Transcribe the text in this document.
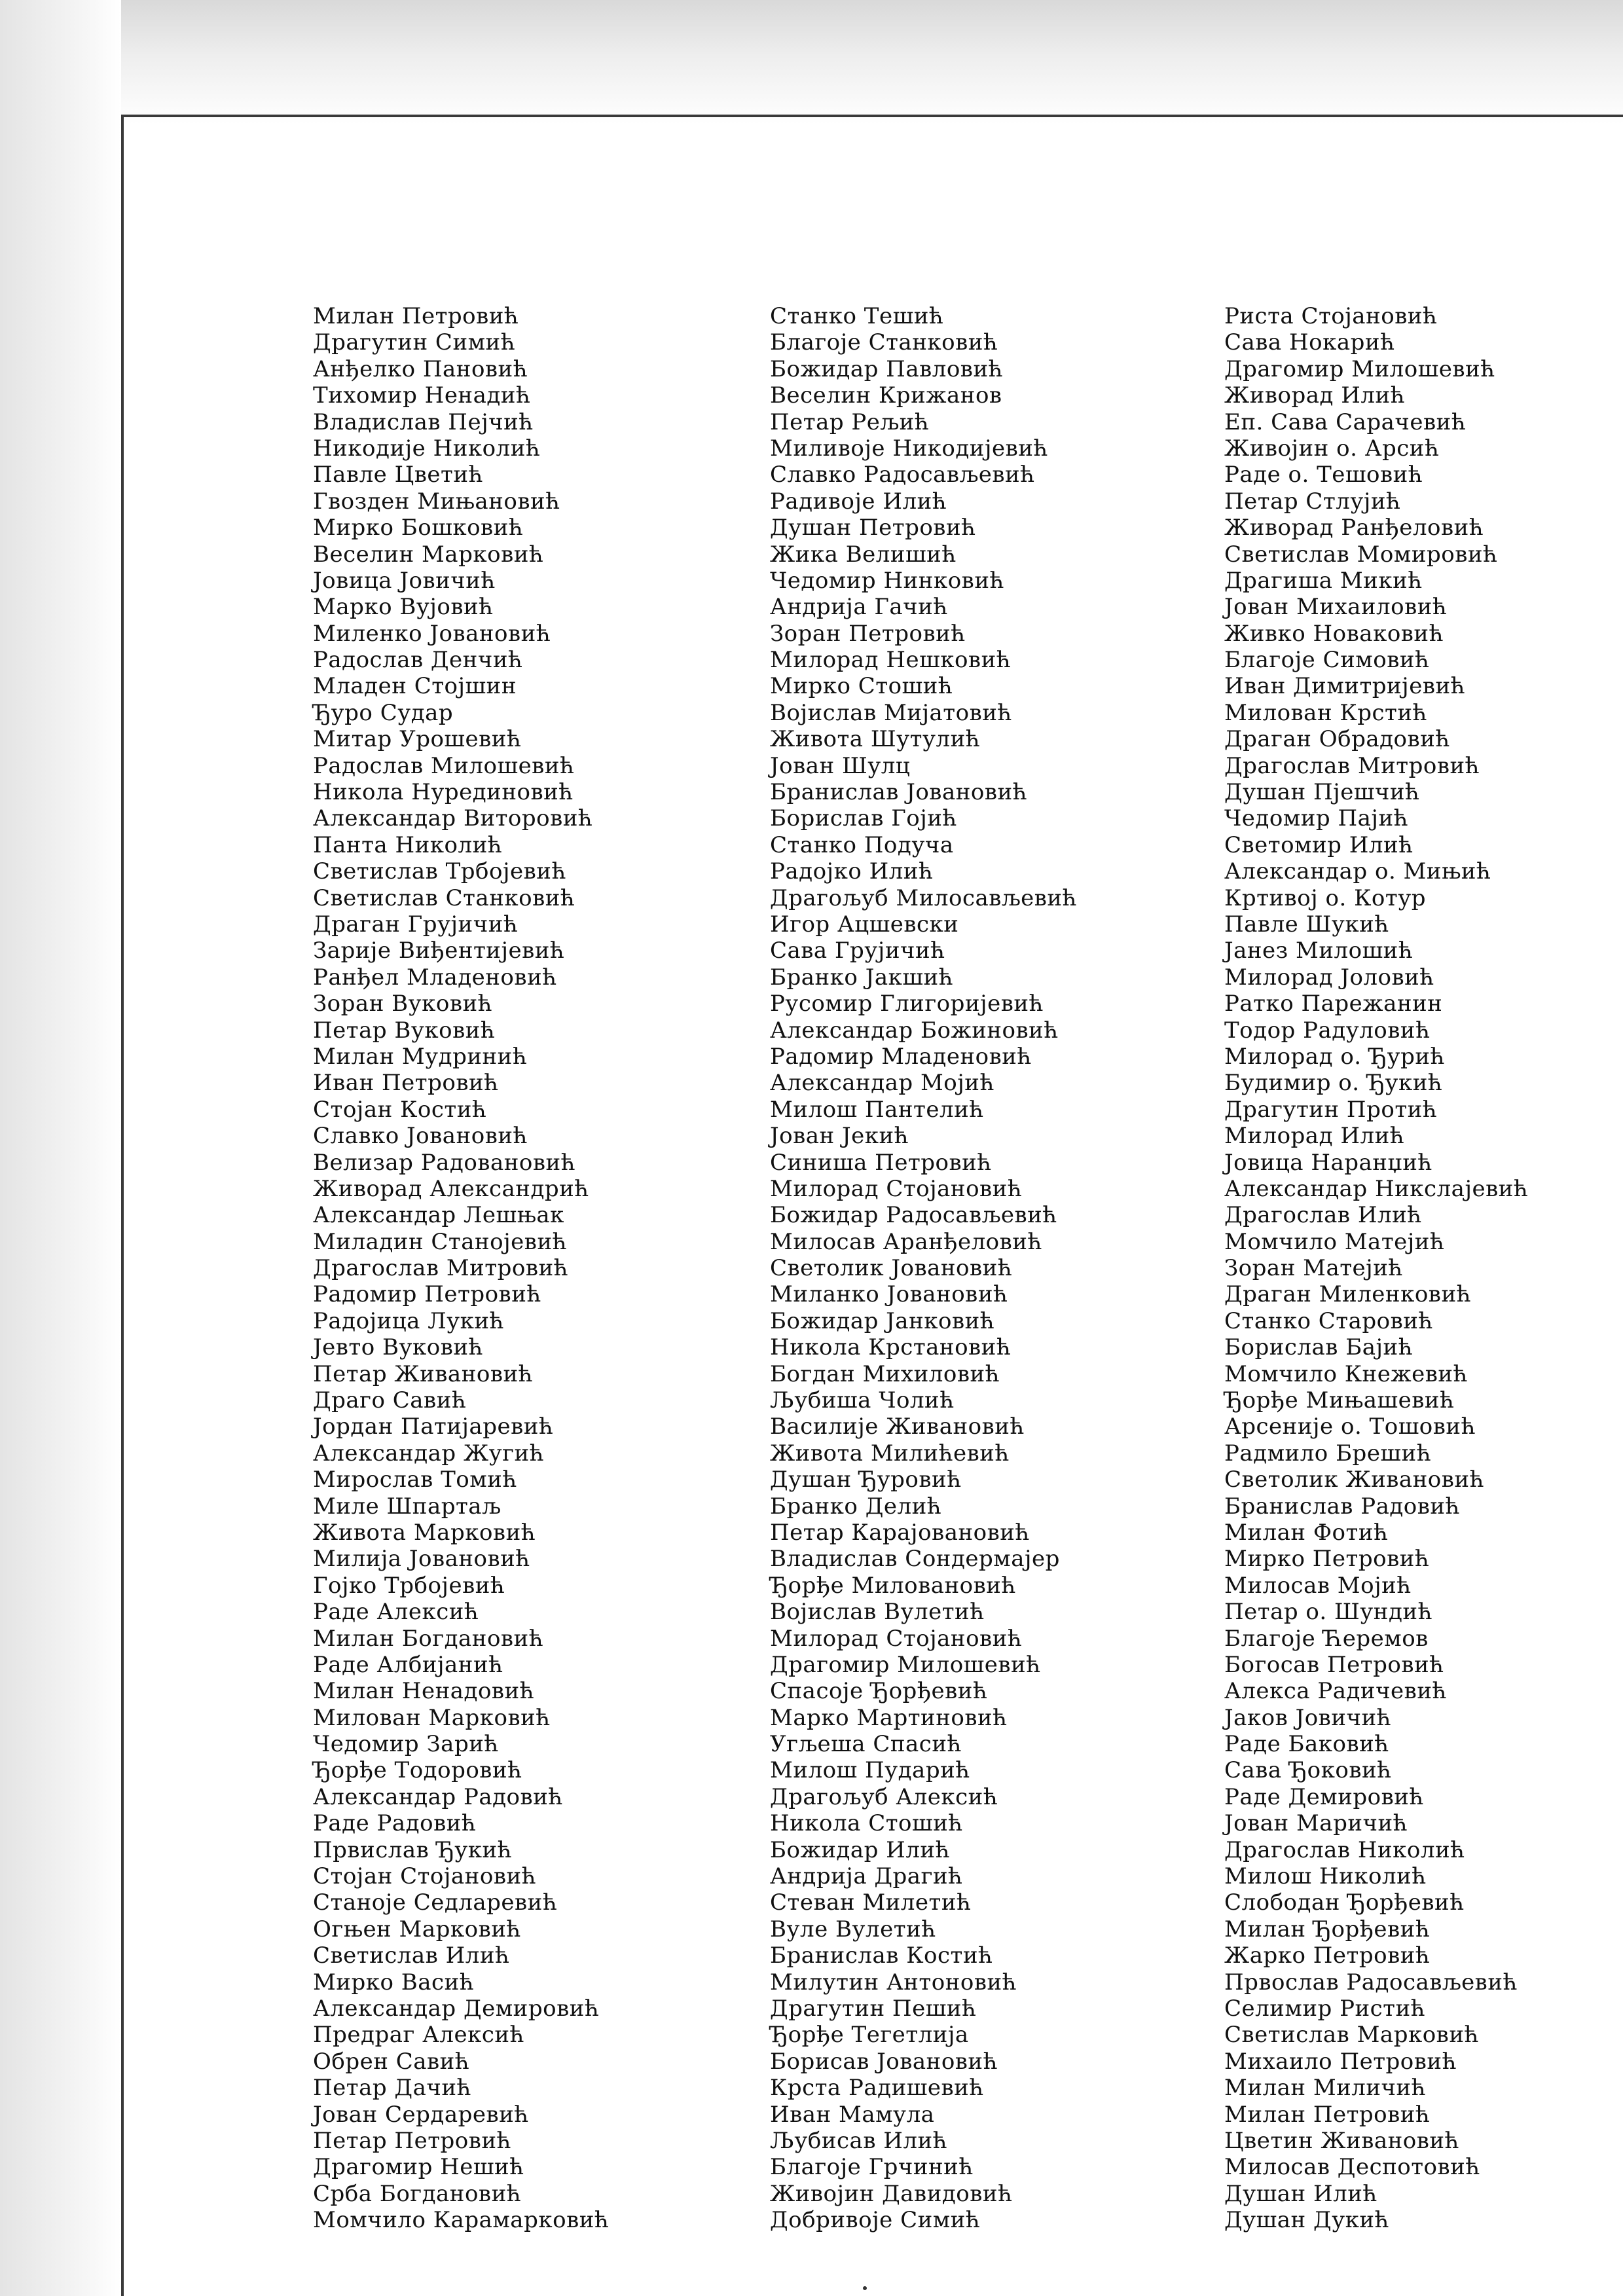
Милан Петровић
Драгутин Симић
Анђелко Пановић
Тихомир Ненадић
Владислав Пејчић
Никодије Николић
Павле Цветић
Гвозден Мињановић
Мирко Бошковић
Веселин Марковић
Јовица Јовичић
Марко Вујовић
Миленко Јовановић
Радослав Денчић
Младен Стојшин
Ђуро Судар
Митар Урошевић
Радослав Милошевић
Никола Нурединовић
Александар Виторовић
Панта Николић
Светислав Трбојевић
Светислав Станковић
Драган Грујичић
Зарије Виђентијевић
Ранђел Младеновић
Зоран Вуковић
Петар Вуковић
Милан Мудринић
Иван Петровић
Стојан Костић
Славко Јовановић
Велизар Радовановић
Живорад Александрић
Александар Лешњак
Миладин Станојевић
Драгослав Митровић
Радомир Петровић
Радојица Лукић
Јевто Вуковић
Петар Живановић
Драго Савић
Јордан Патијаревић
Александар Жугић
Мирослав Томић
Миле Шпартаљ
Живота Марковић
Милија Јовановић
Гојко Трбојевић
Раде Алексић
Милан Богдановић
Раде Албијанић
Милан Ненадовић
Милован Марковић
Чедомир Зарић
Ђорђе Тодоровић
Александар Радовић
Раде Радовић
Првислав Ђукић
Стојан Стојановић
Станоје Седларевић
Огњен Марковић
Светислав Илић
Мирко Васић
Александар Демировић
Предраг Алексић
Обрен Савић
Петар Дачић
Јован Сердаревић
Петар Петровић
Драгомир Нешић
Срба Богдановић
Момчило Карамарковић
Станко Тешић
Благоје Станковић
Божидар Павловић
Веселин Крижанов
Петар Рељић
Миливоје Никодијевић
Славко Радосављевић
Радивоје Илић
Душан Петровић
Жика Велишић
Чедомир Нинковић
Андрија Гачић
Зоран Петровић
Милорад Нешковић
Мирко Стошић
Војислав Мијатовић
Живота Шутулић
Јован Шулц
Бранислав Јовановић
Борислав Гојић
Станко Подуча
Радојко Илић
Драгољуб Милосављевић
Игор Ацшевски
Сава Грујичић
Бранко Јакшић
Русомир Глигоријевић
Александар Божиновић
Радомир Младеновић
Александар Мојић
Милош Пантелић
Јован Јекић
Синиша Петровић
Милорад Стојановић
Божидар Радосављевић
Милосав Аранђеловић
Светолик Јовановић
Миланко Јовановић
Божидар Јанковић
Никола Крстановић
Богдан Михиловић
Љубиша Чолић
Василије Живановић
Живота Милићевић
Душан Ђуровић
Бранко Делић
Петар Карајовановић
Владислав Сондермајер
Ђорђе Миловановић
Војислав Вулетић
Милорад Стојановић
Драгомир Милошевић
Спасоје Ђорђевић
Марко Мартиновић
Угљеша Спасић
Милош Пударић
Драгољуб Алексић
Никола Стошић
Божидар Илић
Андрија Драгић
Стеван Милетић
Вуле Вулетић
Бранислав Костић
Милутин Антоновић
Драгутин Пешић
Ђорђе Тегетлија
Борисав Јовановић
Крста Радишевић
Иван Мамула
Љубисав Илић
Благоје Грчинић
Живојин Давидовић
Добривоје Симић
Риста Стојановић
Сава Нокарић
Драгомир Милошевић
Живорад Илић
Еп. Сава Сарачевић
Живојин о. Арсић
Раде о. Тешовић
Петар Стлујић
Живорад Ранђеловић
Светислав Момировић
Драгиша Микић
Јован Михаиловић
Живко Новаковић
Благоје Симовић
Иван Димитријевић
Милован Крстић
Драган Обрадовић
Драгослав Митровић
Душан Пјешчић
Чедомир Пајић
Светомир Илић
Александар о. Мињић
Кртивој о. Котур
Павле Шукић
Јанез Милошић
Милорад Јоловић
Ратко Парежанин
Тодор Радуловић
Милорад о. Ђурић
Будимир о. Ђукић
Драгутин Протић
Милорад Илић
Јовица Наранџић
Александар Никслајевић
Драгослав Илић
Момчило Матејић
Зоран Матејић
Драган Миленковић
Станко Старовић
Борислав Бајић
Момчило Кнежевић
Ђорђе Мињашевић
Арсеније о. Тошовић
Радмило Брешић
Светолик Живановић
Бранислав Радовић
Милан Фотић
Мирко Петровић
Милосав Мојић
Петар о. Шундић
Благоје Ћеремов
Богосав Петровић
Алекса Радичевић
Јаков Јовичић
Раде Баковић
Сава Ђоковић
Раде Демировић
Јован Маричић
Драгослав Николић
Милош Николић
Слободан Ђорђевић
Милан Ђорђевић
Жарко Петровић
Првослав Радосављевић
Селимир Ристић
Светислав Марковић
Михаило Петровић
Милан Миличић
Милан Петровић
Цветин Живановић
Милосав Деспотовић
Душан Илић
Душан Дукић
